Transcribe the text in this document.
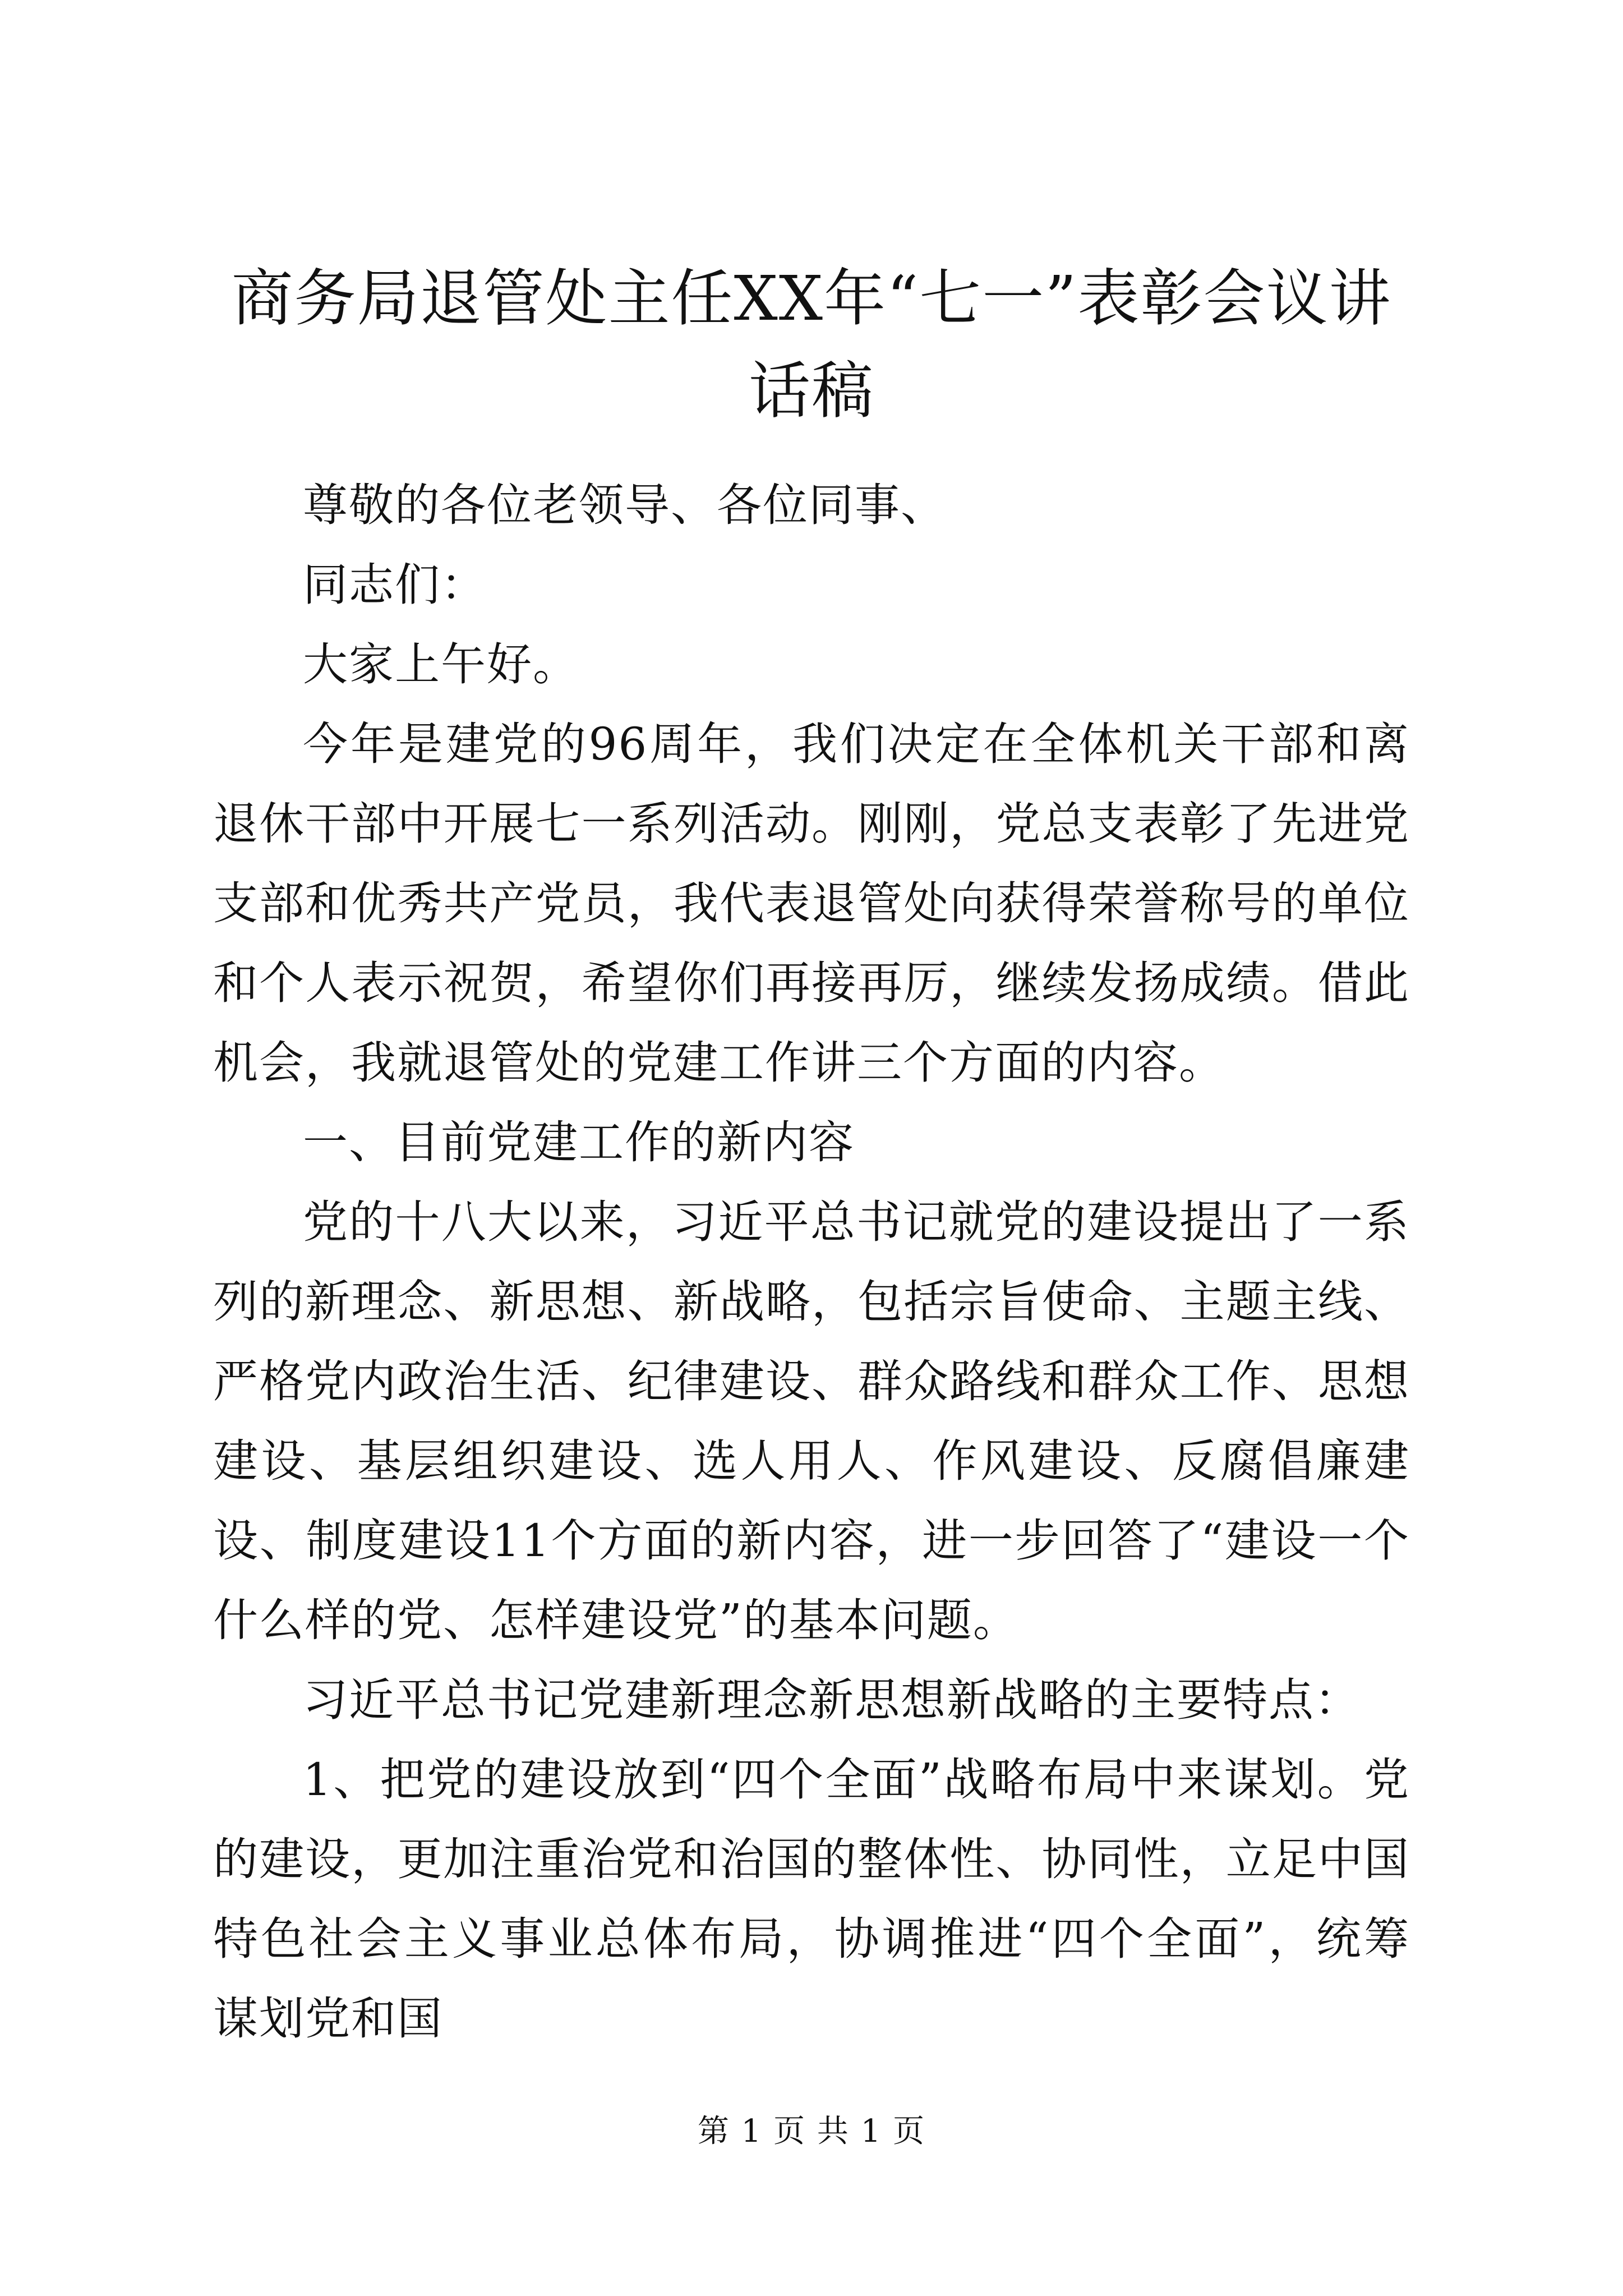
商务局退管处主任XX年“七一”表彰会议讲话稿

尊敬的各位老领导、各位同事、

同志们：

大家上午好。

今年是建党的96周年，我们决定在全体机关干部和离退休干部中开展七一系列活动。刚刚，党总支表彰了先进党支部和优秀共产党员，我代表退管处向获得荣誉称号的单位和个人表示祝贺，希望你们再接再厉，继续发扬成绩。借此机会，我就退管处的党建工作讲三个方面的内容。

一、目前党建工作的新内容

党的十八大以来，习近平总书记就党的建设提出了一系列的新理念、新思想、新战略，包括宗旨使命、主题主线、严格党内政治生活、纪律建设、群众路线和群众工作、思想建设、基层组织建设、选人用人、作风建设、反腐倡廉建设、制度建设11个方面的新内容，进一步回答了“建设一个什么样的党、怎样建设党”的基本问题。

习近平总书记党建新理念新思想新战略的主要特点：

1、把党的建设放到“四个全面”战略布局中来谋划。党的建设，更加注重治党和治国的整体性、协同性，立足中国特色社会主义事业总体布局，协调推进“四个全面”，统筹谋划党和国

第 1 页 共 1 页
